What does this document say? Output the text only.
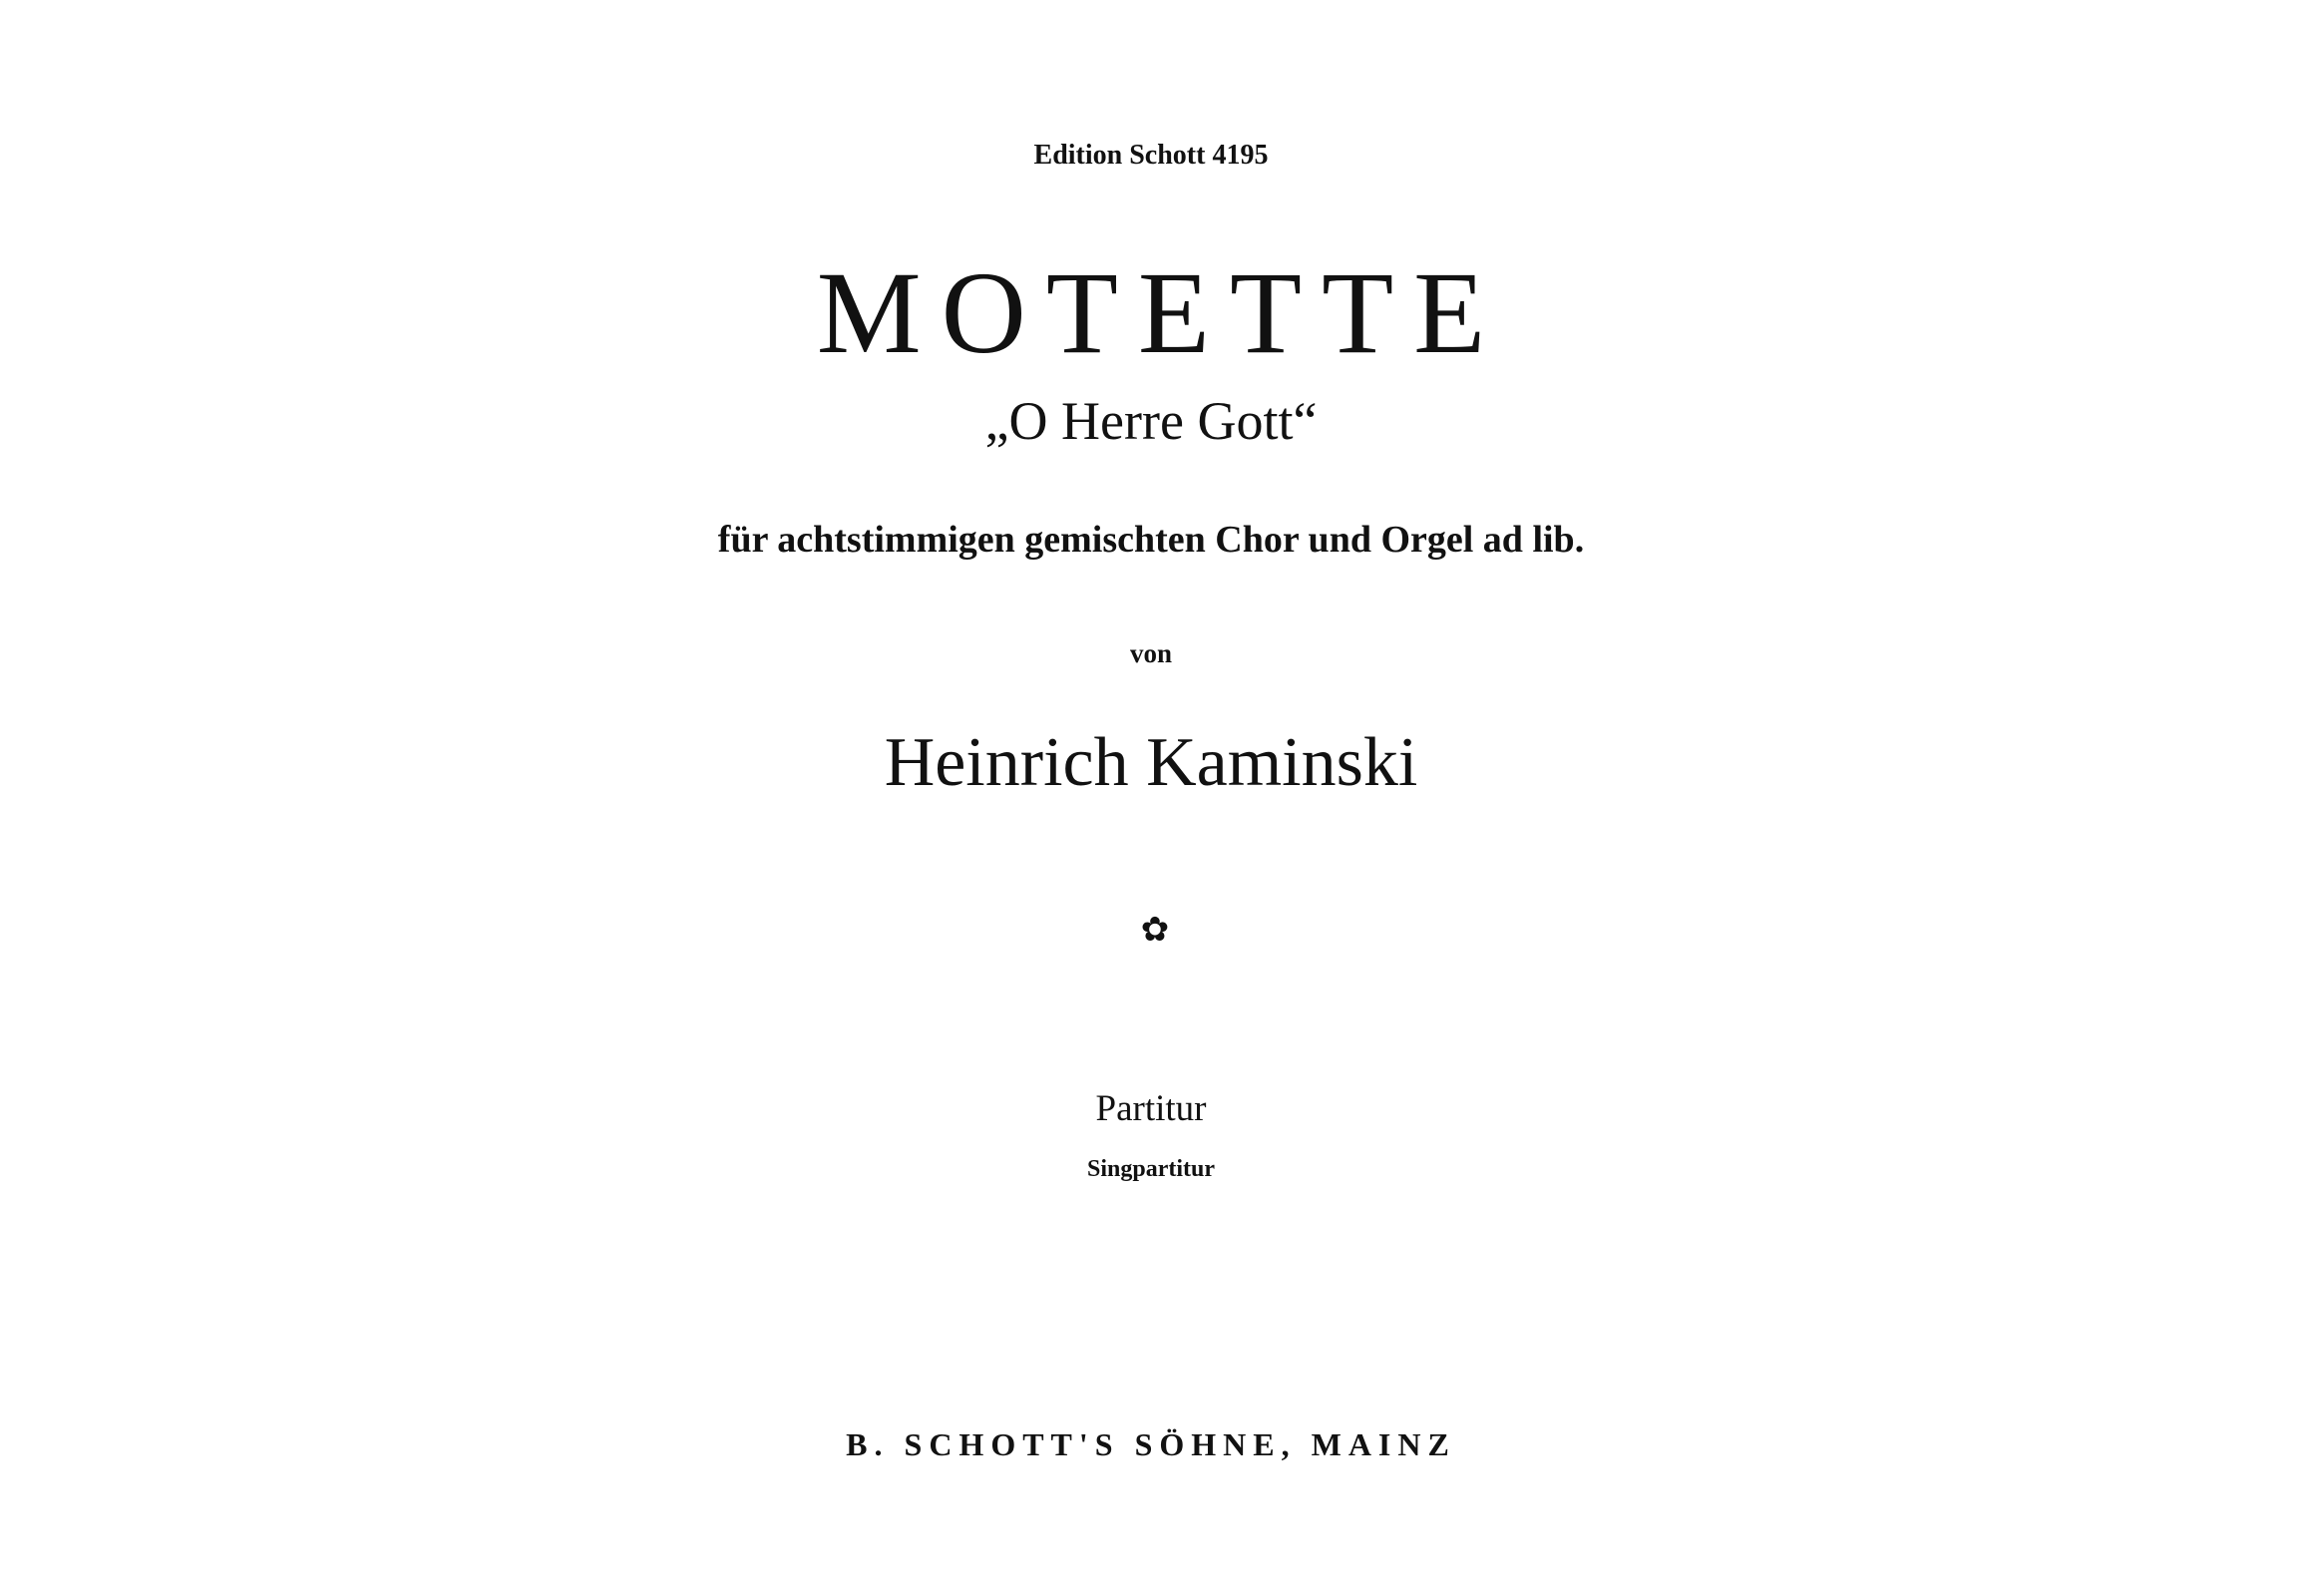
Edition Schott 4195
MOTETTE
„O Herre Gott“
für achtstimmigen gemischten Chor und Orgel ad lib.
von
Heinrich Kaminski
✿
Partitur
Singpartitur
B. SCHOTT'S SÖHNE, MAINZ
